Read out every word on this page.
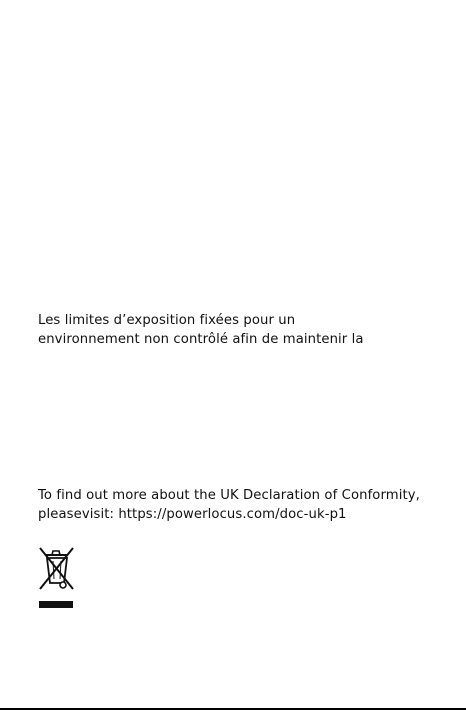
Les limites d’exposition fixées pour un
environnement non contrôlé afin de maintenir la

To find out more about the UK Declaration of Conformity,
pleasevisit: https://powerlocus.com/doc-uk-p1
